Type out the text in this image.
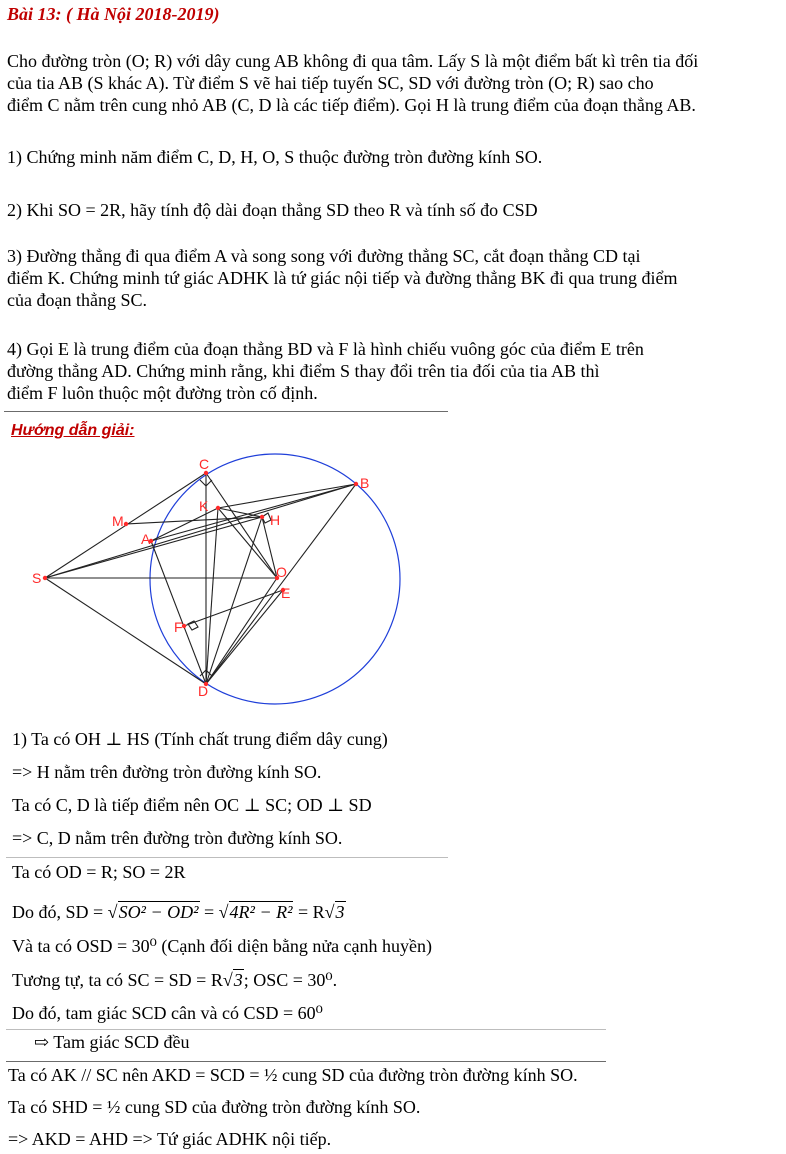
Bài 13: ( Hà Nội 2018-2019)
Cho đường tròn (O; R) với dây cung AB không đi qua tâm. Lấy S là một điểm bất kì trên tia đối
của tia AB (S khác A). Từ điểm S vẽ hai tiếp tuyến SC, SD với đường tròn (O; R) sao cho
điểm C nằm trên cung nhỏ AB (C, D là các tiếp điểm). Gọi H là trung điểm của đoạn thẳng AB.
1) Chứng minh năm điểm C, D, H, O, S thuộc đường tròn đường kính SO.
2) Khi SO = 2R, hãy tính độ dài đoạn thẳng SD theo R và tính số đo CSD
3) Đường thẳng đi qua điểm A và song song với đường thẳng SC, cắt đoạn thẳng CD tại
điểm K. Chứng minh tứ giác ADHK là tứ giác nội tiếp và đường thẳng BK đi qua trung điểm
của đoạn thẳng SC.
4) Gọi E là trung điểm của đoạn thẳng BD và F là hình chiếu vuông góc của điểm E trên
đường thẳng AD. Chứng minh rằng, khi điểm S thay đổi trên tia đối của tia AB thì
điểm F luôn thuộc một đường tròn cố định.
Hướng dẫn giải:
C
B
K
H
M
A
S	O
E
F
D
1) Ta có OH ⊥ HS (Tính chất trung điểm dây cung)
=> H nằm trên đường tròn đường kính SO.
Ta có C, D là tiếp điểm nên OC ⊥ SC; OD ⊥ SD
=> C, D nằm trên đường tròn đường kính SO.
Ta có OD = R; SO = 2R
Do đó, SD = √SO² − OD² = √4R² − R² = R√3
Và ta có OSD = 30⁰ (Cạnh đối diện bằng nửa cạnh huyền)
Tương tự, ta có SC = SD = R√3; OSC = 30⁰.
Do đó, tam giác SCD cân và có CSD = 60⁰
⇨ Tam giác SCD đều
Ta có AK // SC nên AKD = SCD = ½ cung SD của đường tròn đường kính SO.
Ta có SHD = ½ cung SD của đường tròn đường kính SO.
=> AKD = AHD => Tứ giác ADHK nội tiếp.
